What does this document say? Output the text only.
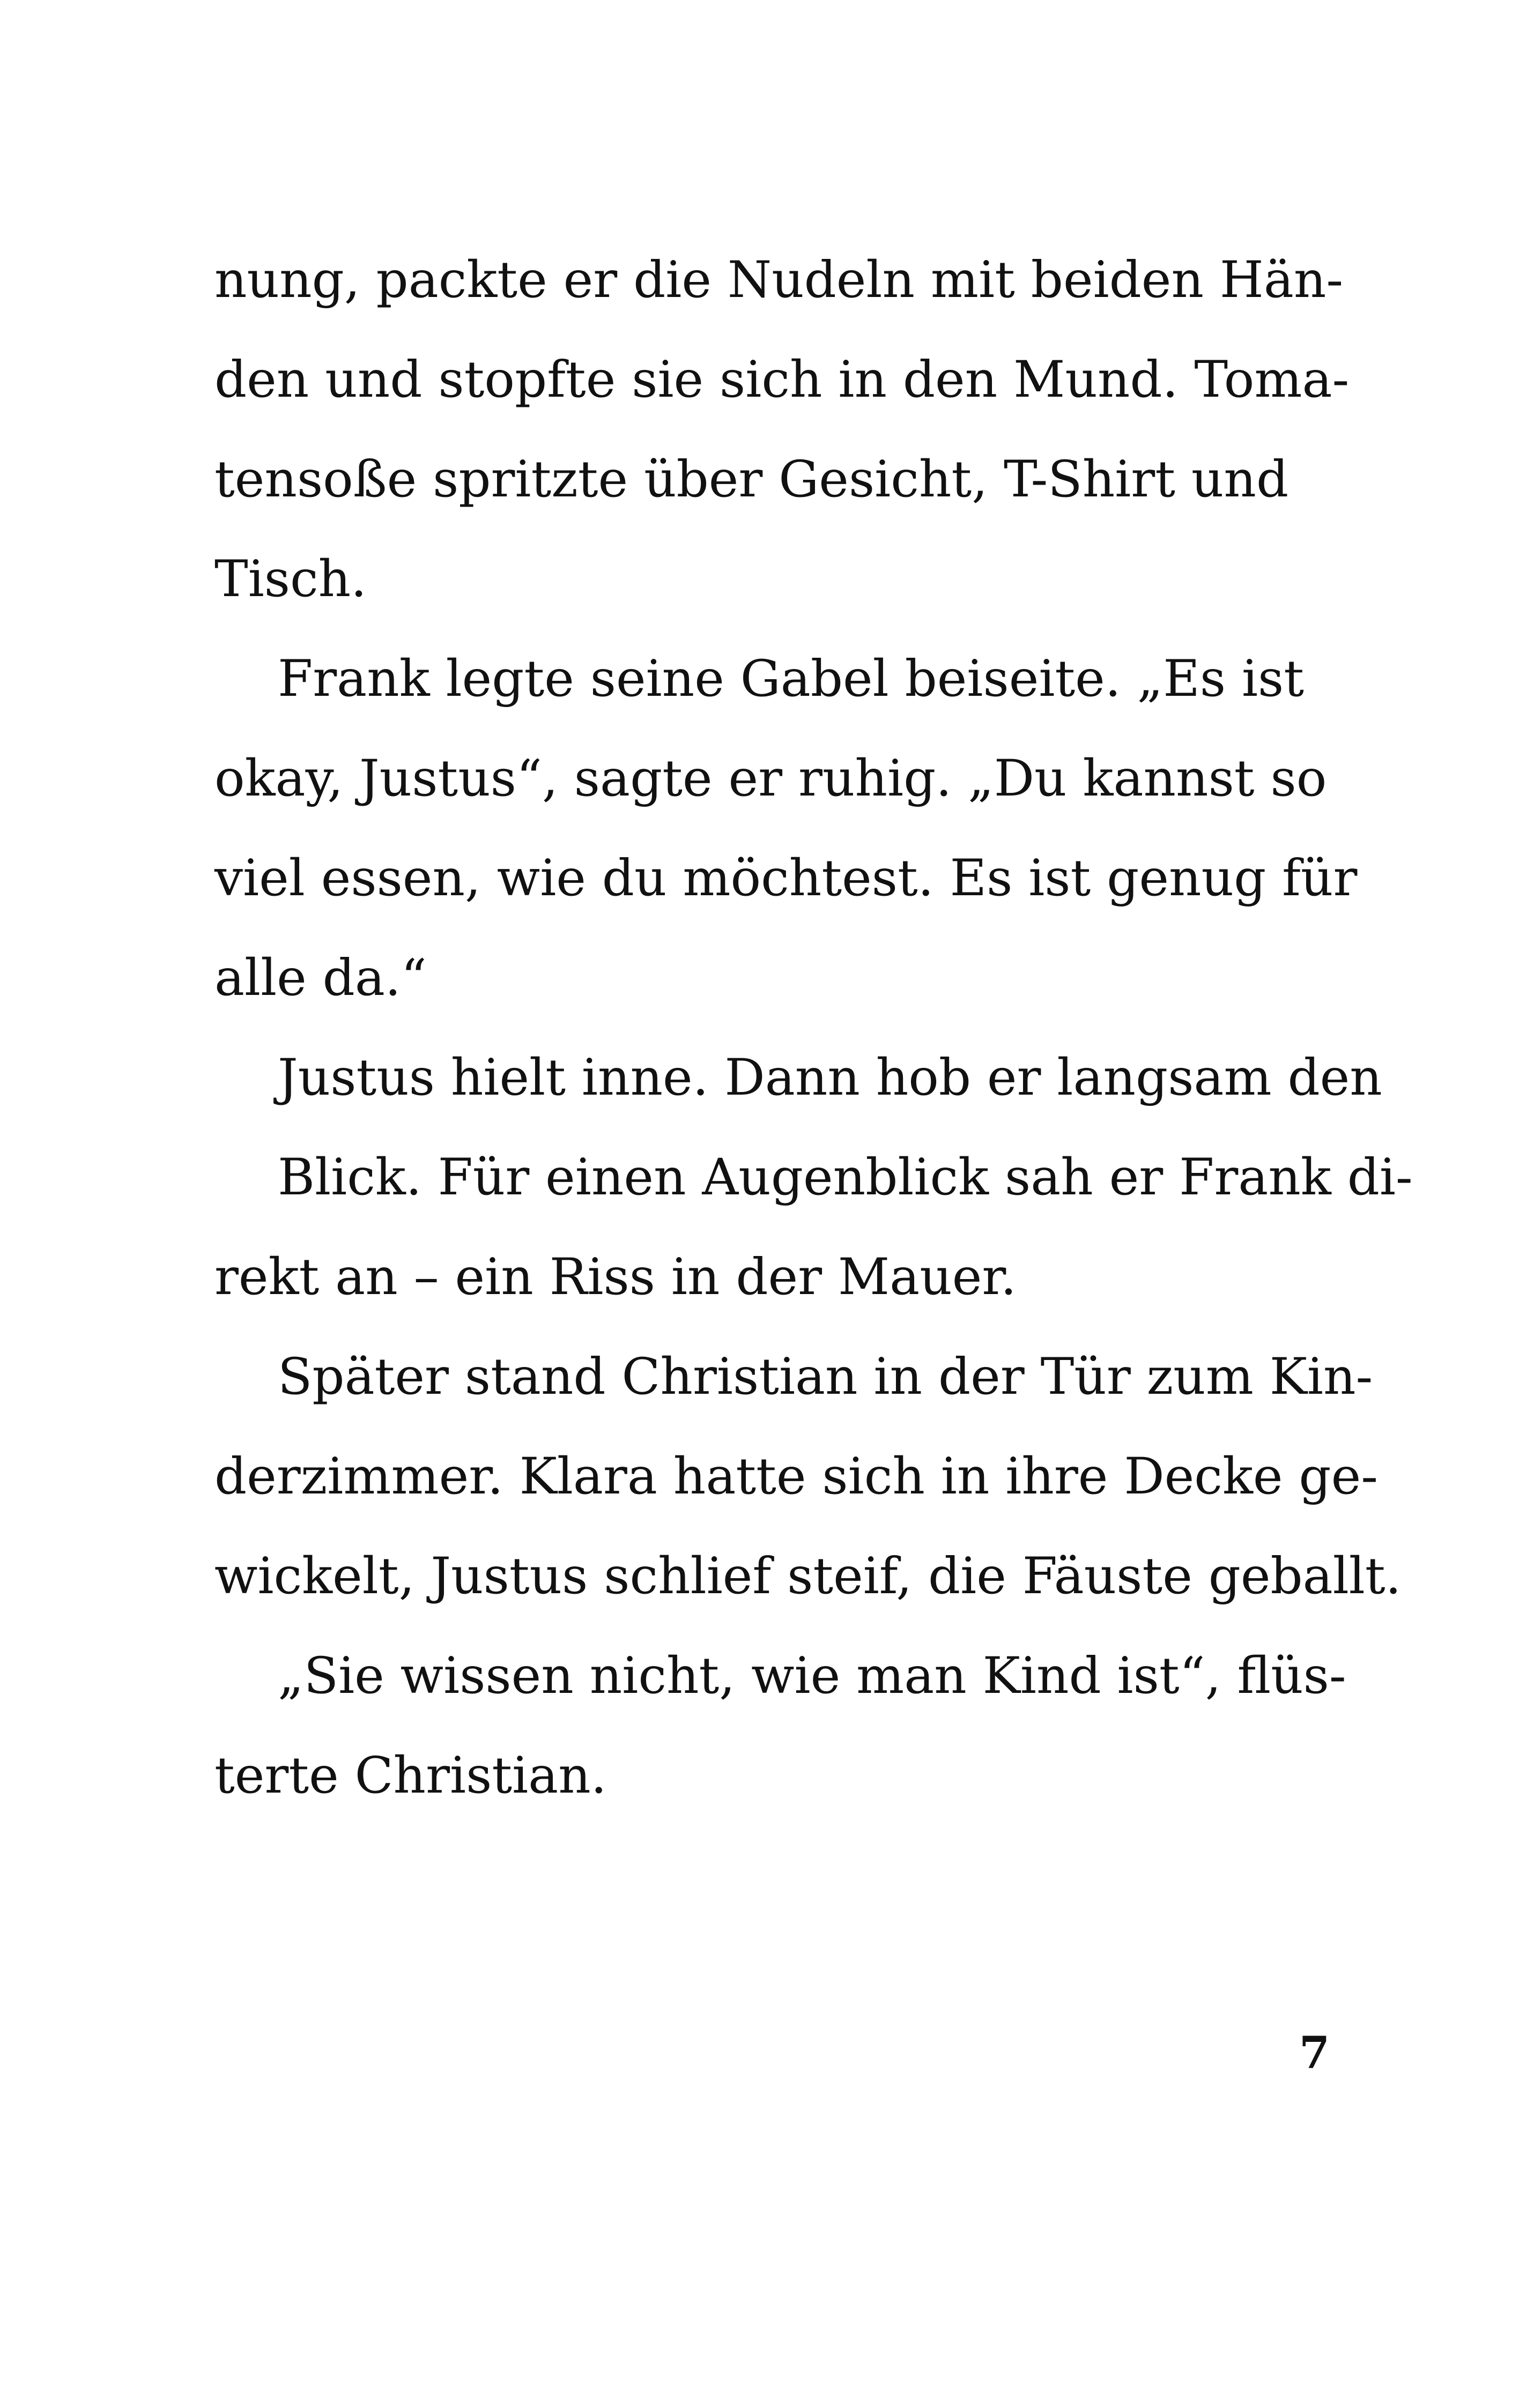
nung, packte er die Nudeln mit beiden Hän-
den und stopfte sie sich in den Mund. Toma-
tensoße spritzte über Gesicht, T-Shirt und
Tisch.
Frank legte seine Gabel beiseite. „Es ist
okay, Justus“, sagte er ruhig. „Du kannst so
viel essen, wie du möchtest. Es ist genug für
alle da.“
Justus hielt inne. Dann hob er langsam den
Blick. Für einen Augenblick sah er Frank di-
rekt an – ein Riss in der Mauer.
Später stand Christian in der Tür zum Kin-
derzimmer. Klara hatte sich in ihre Decke ge-
wickelt, Justus schlief steif, die Fäuste geballt.
„Sie wissen nicht, wie man Kind ist“, flüs-
terte Christian.
7
